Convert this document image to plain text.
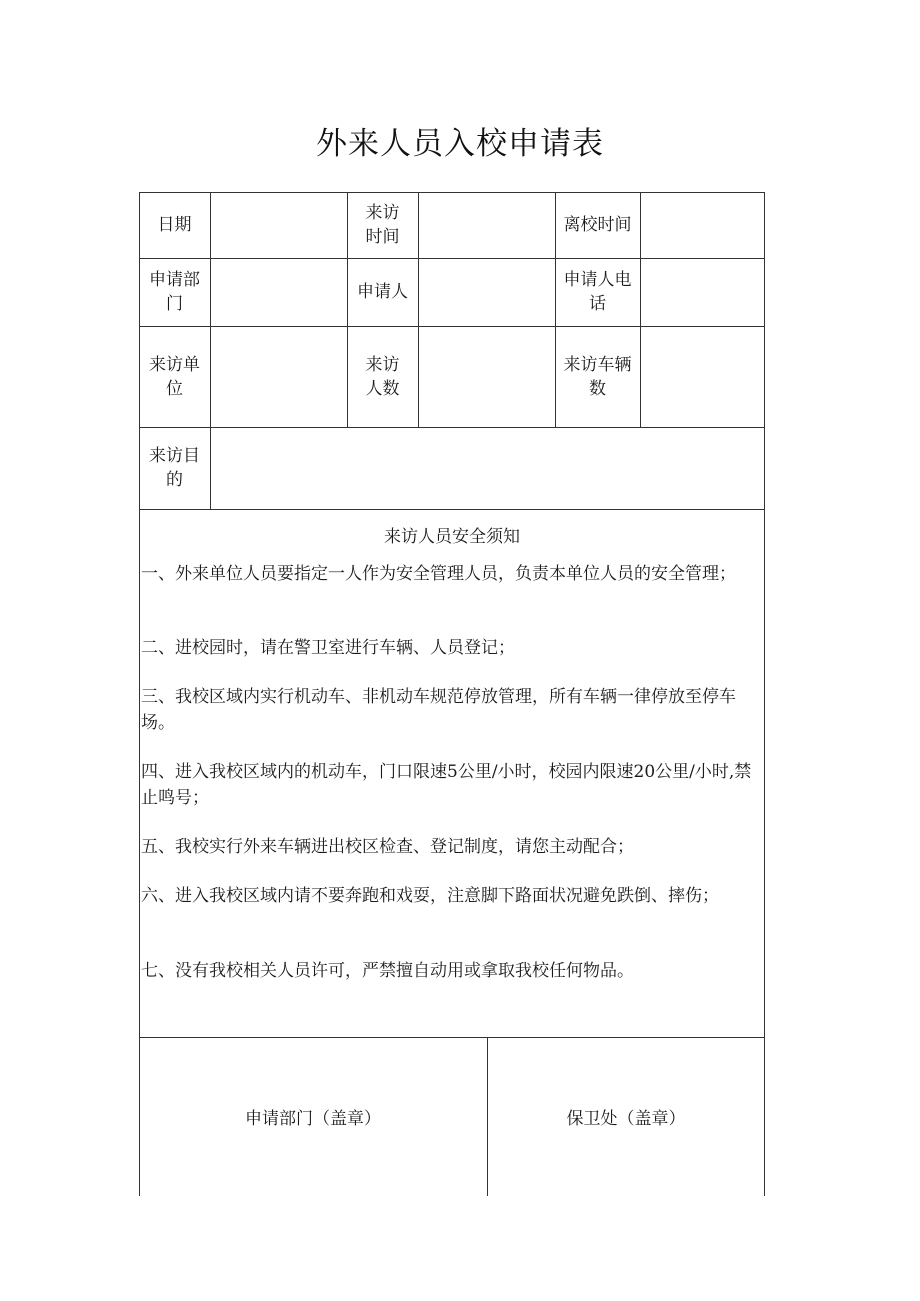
外来人员入校申请表
日期
来访
时间
离校时间
申请部
门
申请人
申请人电
话
来访单
位
来访
人数
来访车辆
数
来访目
的
来访人员安全须知
一、外来单位人员要指定一人作为安全管理人员，负责本单位人员的安全管理；
二、进校园时，请在警卫室进行车辆、人员登记；
三、我校区域内实行机动车、非机动车规范停放管理，所有车辆一律停放至停车场。
四、进入我校区域内的机动车，门口限速5公里/小时，校园内限速20公里/小时,禁止鸣号；
五、我校实行外来车辆进出校区检查、登记制度，请您主动配合；
六、进入我校区域内请不要奔跑和戏耍，注意脚下路面状况避免跌倒、摔伤；
七、没有我校相关人员许可，严禁擅自动用或拿取我校任何物品。
申请部门（盖章）	保卫处（盖章）
